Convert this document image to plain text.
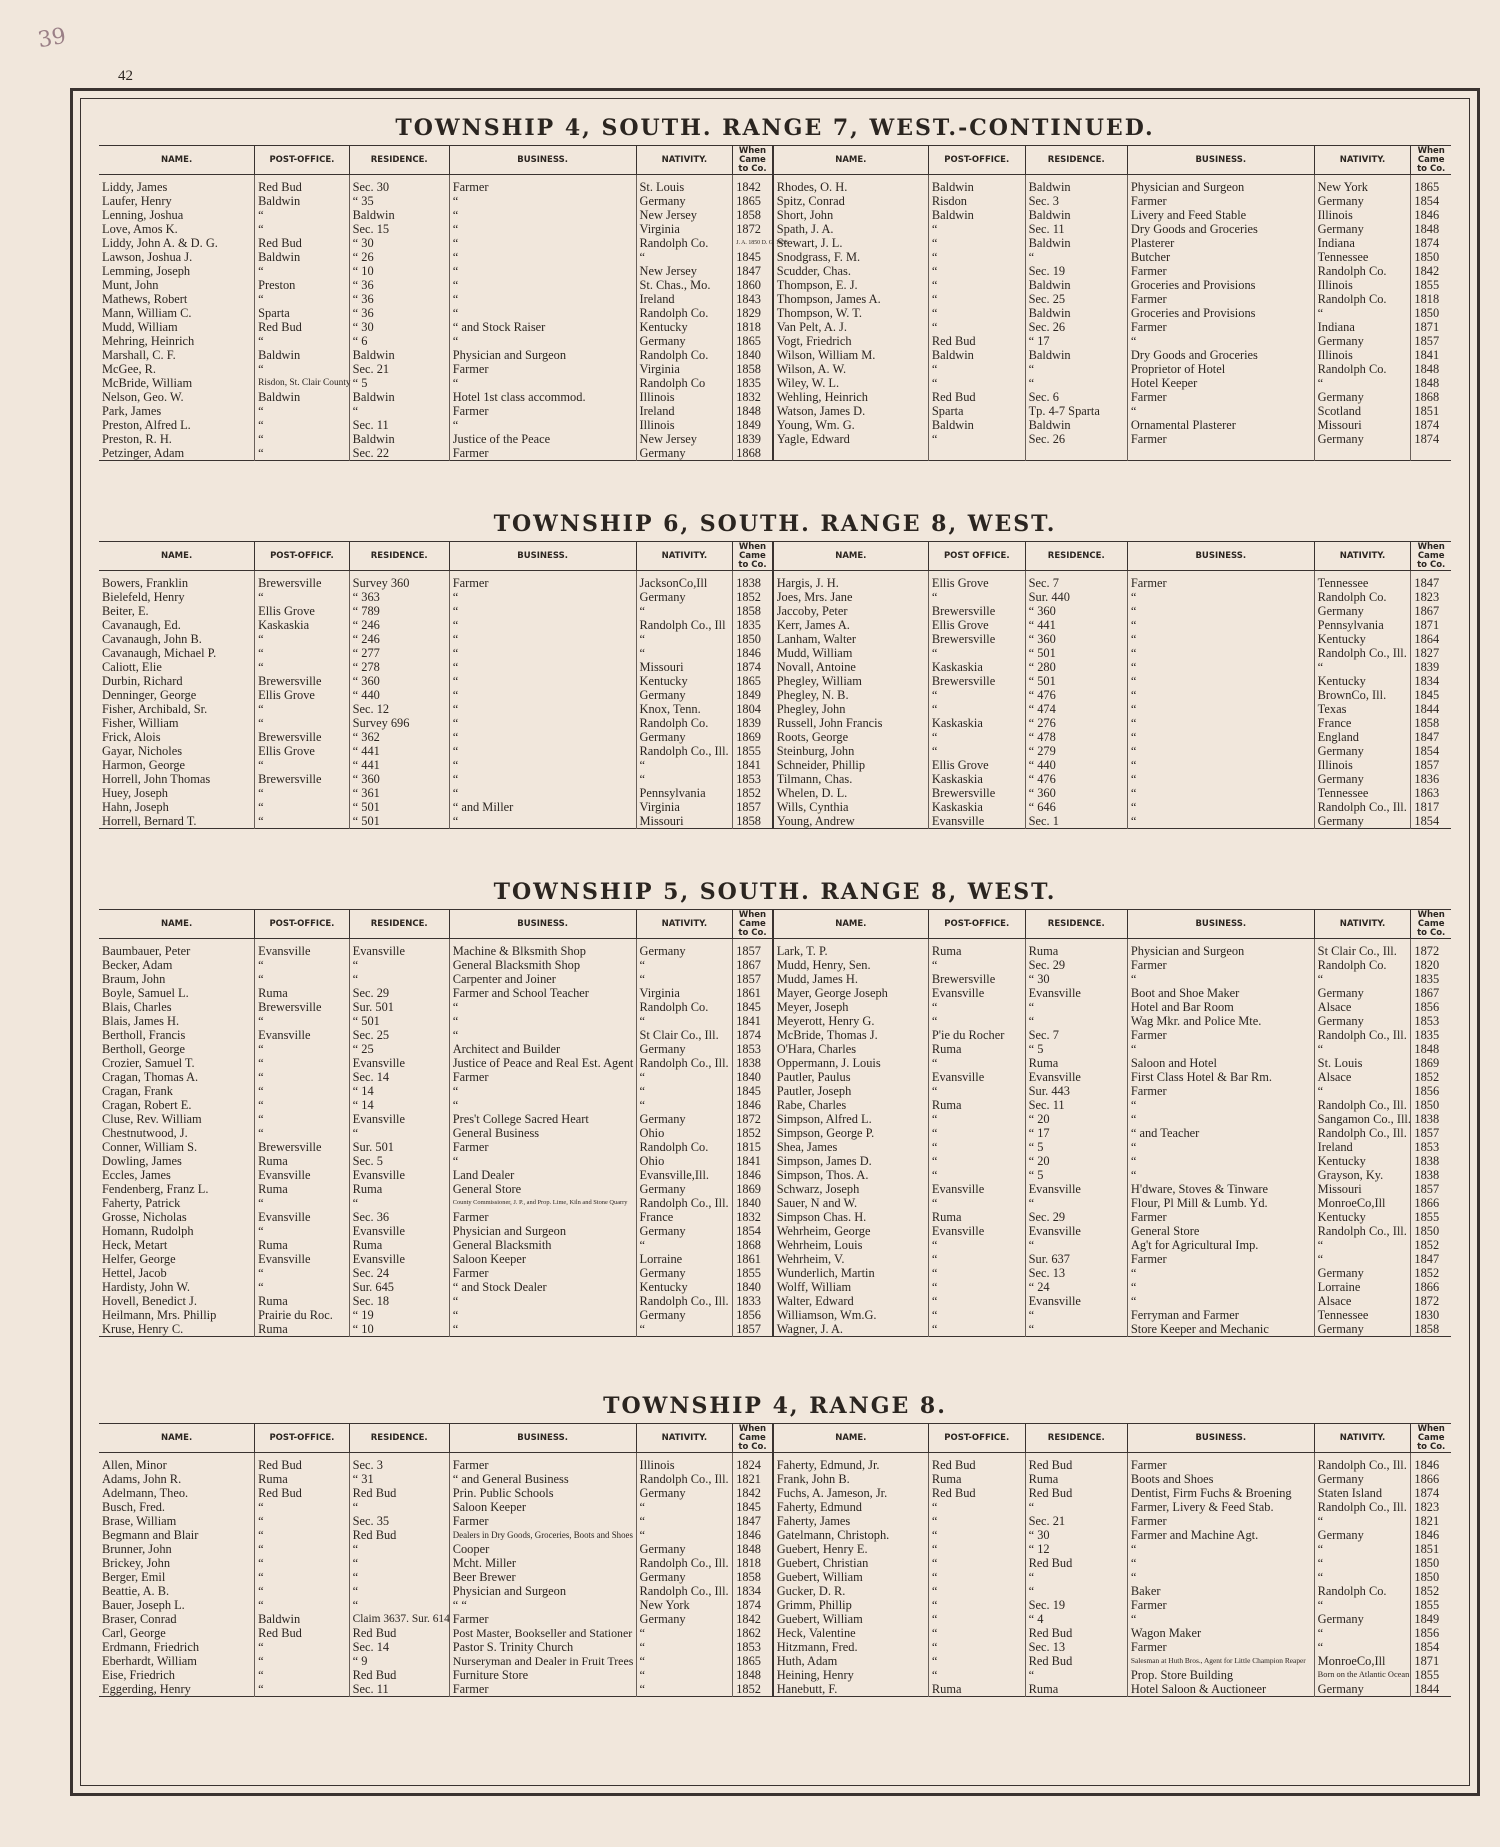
39
42
TOWNSHIP 4, SOUTH. RANGE 7, WEST.-CONTINUED.
NAME.	POST-OFFICE.	RESIDENCE.	BUSINESS.	NATIVITY.	When Came to Co.	NAME.	POST-OFFICE.	RESIDENCE.	BUSINESS.	NATIVITY.	When Came to Co.
Liddy, James	Red Bud	Sec. 30	Farmer	St. Louis	1842	Rhodes, O. H.	Baldwin	Baldwin	Physician and Surgeon	New York	1865
Laufer, Henry	Baldwin	“ 35	“	Germany	1865	Spitz, Conrad	Risdon	Sec. 3	Farmer	Germany	1854
Lenning, Joshua	“	Baldwin	“	New Jersey	1858	Short, John	Baldwin	Baldwin	Livery and Feed Stable	Illinois	1846
Love, Amos K.	“	Sec. 15	“	Virginia	1872	Spath, J. A.	“	Sec. 11	Dry Goods and Groceries	Germany	1848
Liddy, John A. & D. G.	Red Bud	“ 30	“	Randolph Co.	J. A. 1850 D. G. 1853	Stewart, J. L.	“	Baldwin	Plasterer	Indiana	1874
Lawson, Joshua J.	Baldwin	“ 26	“	“	1845	Snodgrass, F. M.	“	“	Butcher	Tennessee	1850
Lemming, Joseph	“	“ 10	“	New Jersey	1847	Scudder, Chas.	“	Sec. 19	Farmer	Randolph Co.	1842
Munt, John	Preston	“ 36	“	St. Chas., Mo.	1860	Thompson, E. J.	“	Baldwin	Groceries and Provisions	Illinois	1855
Mathews, Robert	“	“ 36	“	Ireland	1843	Thompson, James A.	“	Sec. 25	Farmer	Randolph Co.	1818
Mann, William C.	Sparta	“ 36	“	Randolph Co.	1829	Thompson, W. T.	“	Baldwin	Groceries and Provisions	“	1850
Mudd, William	Red Bud	“ 30	“ and Stock Raiser	Kentucky	1818	Van Pelt, A. J.	“	Sec. 26	Farmer	Indiana	1871
Mehring, Heinrich	“	“ 6	“	Germany	1865	Vogt, Friedrich	Red Bud	“ 17	“	Germany	1857
Marshall, C. F.	Baldwin	Baldwin	Physician and Surgeon	Randolph Co.	1840	Wilson, William M.	Baldwin	Baldwin	Dry Goods and Groceries	Illinois	1841
McGee, R.	“	Sec. 21	Farmer	Virginia	1858	Wilson, A. W.	“	“	Proprietor of Hotel	Randolph Co.	1848
McBride, William	Risdon, St. Clair County	“ 5	“	Randolph Co	1835	Wiley, W. L.	“	“	Hotel Keeper	“	1848
Nelson, Geo. W.	Baldwin	Baldwin	Hotel 1st class accommod.	Illinois	1832	Wehling, Heinrich	Red Bud	Sec. 6	Farmer	Germany	1868
Park, James	“	“	Farmer	Ireland	1848	Watson, James D.	Sparta	Tp. 4-7 Sparta	“	Scotland	1851
Preston, Alfred L.	“	Sec. 11	“	Illinois	1849	Young, Wm. G.	Baldwin	Baldwin	Ornamental Plasterer	Missouri	1874
Preston, R. H.	“	Baldwin	Justice of the Peace	New Jersey	1839	Yagle, Edward	“	Sec. 26	Farmer	Germany	1874
Petzinger, Adam	“	Sec. 22	Farmer	Germany	1868						
TOWNSHIP 6, SOUTH. RANGE 8, WEST.
NAME.	POST-OFFICF.	RESIDENCE.	BUSINESS.	NATIVITY.	When Came to Co.	NAME.	POST OFFICE.	RESIDENCE.	BUSINESS.	NATIVITY.	When Came to Co.
Bowers, Franklin	Brewersville	Survey 360	Farmer	JacksonCo,Ill	1838	Hargis, J. H.	Ellis Grove	Sec. 7	Farmer	Tennessee	1847
Bielefeld, Henry	“	“ 363	“	Germany	1852	Joes, Mrs. Jane	“	Sur. 440	“	Randolph Co.	1823
Beiter, E.	Ellis Grove	“ 789	“	“	1858	Jaccoby, Peter	Brewersville	“ 360	“	Germany	1867
Cavanaugh, Ed.	Kaskaskia	“ 246	“	Randolph Co., Ill	1835	Kerr, James A.	Ellis Grove	“ 441	“	Pennsylvania	1871
Cavanaugh, John B.	“	“ 246	“	“	1850	Lanham, Walter	Brewersville	“ 360	“	Kentucky	1864
Cavanaugh, Michael P.	“	“ 277	“	“	1846	Mudd, William	“	“ 501	“	Randolph Co., Ill.	1827
Caliott, Elie	“	“ 278	“	Missouri	1874	Novall, Antoine	Kaskaskia	“ 280	“	“	1839
Durbin, Richard	Brewersville	“ 360	“	Kentucky	1865	Phegley, William	Brewersville	“ 501	“	Kentucky	1834
Denninger, George	Ellis Grove	“ 440	“	Germany	1849	Phegley, N. B.	“	“ 476	“	BrownCo, Ill.	1845
Fisher, Archibald, Sr.	“	Sec. 12	“	Knox, Tenn.	1804	Phegley, John	“	“ 474	“	Texas	1844
Fisher, William	“	Survey 696	“	Randolph Co.	1839	Russell, John Francis	Kaskaskia	“ 276	“	France	1858
Frick, Alois	Brewersville	“ 362	“	Germany	1869	Roots, George	“	“ 478	“	England	1847
Gayar, Nicholes	Ellis Grove	“ 441	“	Randolph Co., Ill.	1855	Steinburg, John	“	“ 279	“	Germany	1854
Harmon, George	“	“ 441	“	“	1841	Schneider, Phillip	Ellis Grove	“ 440	“	Illinois	1857
Horrell, John Thomas	Brewersville	“ 360	“	“	1853	Tilmann, Chas.	Kaskaskia	“ 476	“	Germany	1836
Huey, Joseph	“	“ 361	“	Pennsylvania	1852	Whelen, D. L.	Brewersville	“ 360	“	Tennessee	1863
Hahn, Joseph	“	“ 501	“ and Miller	Virginia	1857	Wills, Cynthia	Kaskaskia	“ 646	“	Randolph Co., Ill.	1817
Horrell, Bernard T.	“	“ 501	“	Missouri	1858	Young, Andrew	Evansville	Sec. 1	“	Germany	1854
TOWNSHIP 5, SOUTH. RANGE 8, WEST.
NAME.	POST-OFFICE.	RESIDENCE.	BUSINESS.	NATIVITY.	When Came to Co.	NAME.	POST-OFFICE.	RESIDENCE.	BUSINESS.	NATIVITY.	When Came to Co.
Baumbauer, Peter	Evansville	Evansville	Machine & Blksmith Shop	Germany	1857	Lark, T. P.	Ruma	Ruma	Physician and Surgeon	St Clair Co., Ill.	1872
Becker, Adam	“	“	General Blacksmith Shop	“	1867	Mudd, Henry, Sen.	“	Sec. 29	Farmer	Randolph Co.	1820
Braum, John	“	“	Carpenter and Joiner	“	1857	Mudd, James H.	Brewersville	“ 30	“	“	1835
Boyle, Samuel L.	Ruma	Sec. 29	Farmer and School Teacher	Virginia	1861	Mayer, George Joseph	Evansville	Evansville	Boot and Shoe Maker	Germany	1867
Blais, Charles	Brewersville	Sur. 501	“	Randolph Co.	1845	Meyer, Joseph	“	“	Hotel and Bar Room	Alsace	1856
Blais, James H.	“	“ 501	“	“	1841	Meyerott, Henry G.	“	“	Wag Mkr. and Police Mte.	Germany	1853
Bertholl, Francis	Evansville	Sec. 25	“	St Clair Co., Ill.	1874	McBride, Thomas J.	P'ie du Rocher	Sec. 7	Farmer	Randolph Co., Ill.	1835
Bertholl, George	“	“ 25	Architect and Builder	Germany	1853	O'Hara, Charles	Ruma	“ 5	“	“	1848
Crozier, Samuel T.	“	Evansville	Justice of Peace and Real Est. Agent	Randolph Co., Ill.	1838	Oppermann, J. Louis	“	Ruma	Saloon and Hotel	St. Louis	1869
Cragan, Thomas A.	“	Sec. 14	Farmer	“	1840	Pautler, Paulus	Evansville	Evansville	First Class Hotel & Bar Rm.	Alsace	1852
Cragan, Frank	“	“ 14	“	“	1845	Pautler, Joseph	“	Sur. 443	Farmer	“	1856
Cragan, Robert E.	“	“ 14	“	“	1846	Rabe, Charles	Ruma	Sec. 11	“	Randolph Co., Ill.	1850
Cluse, Rev. William	“	Evansville	Pres't College Sacred Heart	Germany	1872	Simpson, Alfred L.	“	“ 20	“	Sangamon Co., Ill.	1838
Chestnutwood, J.	“	“	General Business	Ohio	1852	Simpson, George P.	“	“ 17	“ and Teacher	Randolph Co., Ill.	1857
Conner, William S.	Brewersville	Sur. 501	Farmer	Randolph Co.	1815	Shea, James	“	“ 5	“	Ireland	1853
Dowling, James	Ruma	Sec. 5	“	Ohio	1841	Simpson, James D.	“	“ 20	“	Kentucky	1838
Eccles, James	Evansville	Evansville	Land Dealer	Evansville,Ill.	1846	Simpson, Thos. A.	“	“ 5	“	Grayson, Ky.	1838
Fendenberg, Franz L.	Ruma	Ruma	General Store	Germany	1869	Schwarz, Joseph	Evansville	Evansville	H'dware, Stoves & Tinware	Missouri	1857
Faherty, Patrick	“	“	County Commissioner, J. P., and Prop. Lime, Kiln and Stone Quarry	Randolph Co., Ill.	1840	Sauer, N and W.	“	“	Flour, Pl Mill & Lumb. Yd.	MonroeCo,Ill	1866
Grosse, Nicholas	Evansville	Sec. 36	Farmer	France	1832	Simpson Chas. H.	Ruma	Sec. 29	Farmer	Kentucky	1855
Homann, Rudolph	“	Evansville	Physician and Surgeon	Germany	1854	Wehrheim, George	Evansville	Evansville	General Store	Randolph Co., Ill.	1850
Heck, Metart	Ruma	Ruma	General Blacksmith	“	1868	Wehrheim, Louis	“	“	Ag't for Agricultural Imp.	“	1852
Helfer, George	Evansville	Evansville	Saloon Keeper	Lorraine	1861	Wehrheim, V.	“	Sur. 637	Farmer	“	1847
Hettel, Jacob	“	Sec. 24	Farmer	Germany	1855	Wunderlich, Martin	“	Sec. 13	“	Germany	1852
Hardisty, John W.	“	Sur. 645	“ and Stock Dealer	Kentucky	1840	Wolff, William	“	“ 24	“	Lorraine	1866
Hovell, Benedict J.	Ruma	Sec. 18	“	Randolph Co., Ill.	1833	Walter, Edward	“	Evansville	“	Alsace	1872
Heilmann, Mrs. Phillip	Prairie du Roc.	“ 19	“	Germany	1856	Williamson, Wm.G.	“	“	Ferryman and Farmer	Tennessee	1830
Kruse, Henry C.	Ruma	“ 10	“	“	1857	Wagner, J. A.	“	“	Store Keeper and Mechanic	Germany	1858
TOWNSHIP 4, RANGE 8.
NAME.	POST-OFFICE.	RESIDENCE.	BUSINESS.	NATIVITY.	When Came to Co.	NAME.	POST-OFFICE.	RESIDENCE.	BUSINESS.	NATIVITY.	When Came to Co.
Allen, Minor	Red Bud	Sec. 3	Farmer	Illinois	1824	Faherty, Edmund, Jr.	Red Bud	Red Bud	Farmer	Randolph Co., Ill.	1846
Adams, John R.	Ruma	“ 31	“ and General Business	Randolph Co., Ill.	1821	Frank, John B.	Ruma	Ruma	Boots and Shoes	Germany	1866
Adelmann, Theo.	Red Bud	Red Bud	Prin. Public Schools	Germany	1842	Fuchs, A. Jameson, Jr.	Red Bud	Red Bud	Dentist, Firm Fuchs & Broening	Staten Island	1874
Busch, Fred.	“	“	Saloon Keeper	“	1845	Faherty, Edmund	“	“	Farmer, Livery & Feed Stab.	Randolph Co., Ill.	1823
Brase, William	“	Sec. 35	Farmer	“	1847	Faherty, James	“	Sec. 21	Farmer	“	1821
Begmann and Blair	“	Red Bud	Dealers in Dry Goods, Groceries, Boots and Shoes	“	1846	Gatelmann, Christoph.	“	“ 30	Farmer and Machine Agt.	Germany	1846
Brunner, John	“	“	Cooper	Germany	1848	Guebert, Henry E.	“	“ 12	“	“	1851
Brickey, John	“	“	Mcht. Miller	Randolph Co., Ill.	1818	Guebert, Christian	“	Red Bud	“	“	1850
Berger, Emil	“	“	Beer Brewer	Germany	1858	Guebert, William	“	“	“	“	1850
Beattie, A. B.	“	“	Physician and Surgeon	Randolph Co., Ill.	1834	Gucker, D. R.	“	“	Baker	Randolph Co.	1852
Bauer, Joseph L.	“	“	“ “	New York	1874	Grimm, Phillip	“	Sec. 19	Farmer	“	1855
Braser, Conrad	Baldwin	Claim 3637. Sur. 614	Farmer	Germany	1842	Guebert, William	“	“ 4	“	Germany	1849
Carl, George	Red Bud	Red Bud	Post Master, Bookseller and Stationer	“	1862	Heck, Valentine	“	Red Bud	Wagon Maker	“	1856
Erdmann, Friedrich	“	Sec. 14	Pastor S. Trinity Church	“	1853	Hitzmann, Fred.	“	Sec. 13	Farmer	“	1854
Eberhardt, William	“	“ 9	Nurseryman and Dealer in Fruit Trees	“	1865	Huth, Adam	“	Red Bud	Salesman at Huth Bros., Agent for Little Champion Reaper	MonroeCo,Ill	1871
Eise, Friedrich	“	Red Bud	Furniture Store	“	1848	Heining, Henry	“	“	Prop. Store Building	Born on the Atlantic Ocean	1855
Eggerding, Henry	“	Sec. 11	Farmer	“	1852	Hanebutt, F.	Ruma	Ruma	Hotel Saloon & Auctioneer	Germany	1844
